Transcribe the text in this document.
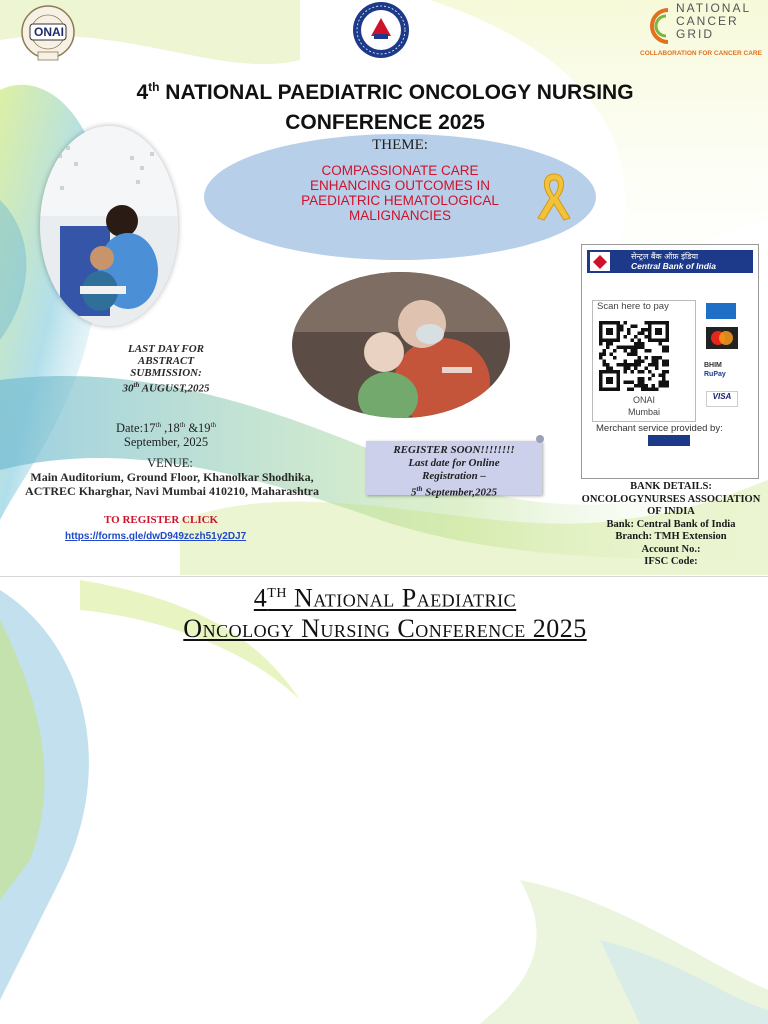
ONAI
NATIONAL
CANCER
GRID
COLLABORATION FOR CANCER CARE
4th NATIONAL PAEDIATRIC ONCOLOGY NURSING
CONFERENCE 2025
THEME:
COMPASSIONATE CARE
ENHANCING OUTCOMES IN
PAEDIATRIC HEMATOLOGICAL
MALIGNANCIES
सेन्ट्रल बैंक ऑफ़ इंडिया
Central Bank of India
Scan here to pay
ONAI
Mumbai
BHIM
RuPay
VISA
Merchant service provided by:
LAST DAY FOR
ABSTRACT
SUBMISSION:
30th AUGUST,2025
Date:17th ,18th &19th
September, 2025
VENUE:
Main Auditorium, Ground Floor, Khanolkar Shodhika,
ACTREC Kharghar, Navi Mumbai 410210, Maharashtra
TO REGISTER CLICK
https://forms.gle/dwD949zczh51y2DJ7
REGISTER SOON!!!!!!!!
Last date for Online
Registration –
5th September,2025
BANK DETAILS:
ONCOLOGYNURSES ASSOCIATION
OF INDIA
Bank: Central Bank of India
Branch: TMH Extension
Account No.:
IFSC Code:
4TH National Paediatric
Oncology Nursing Conference 2025
